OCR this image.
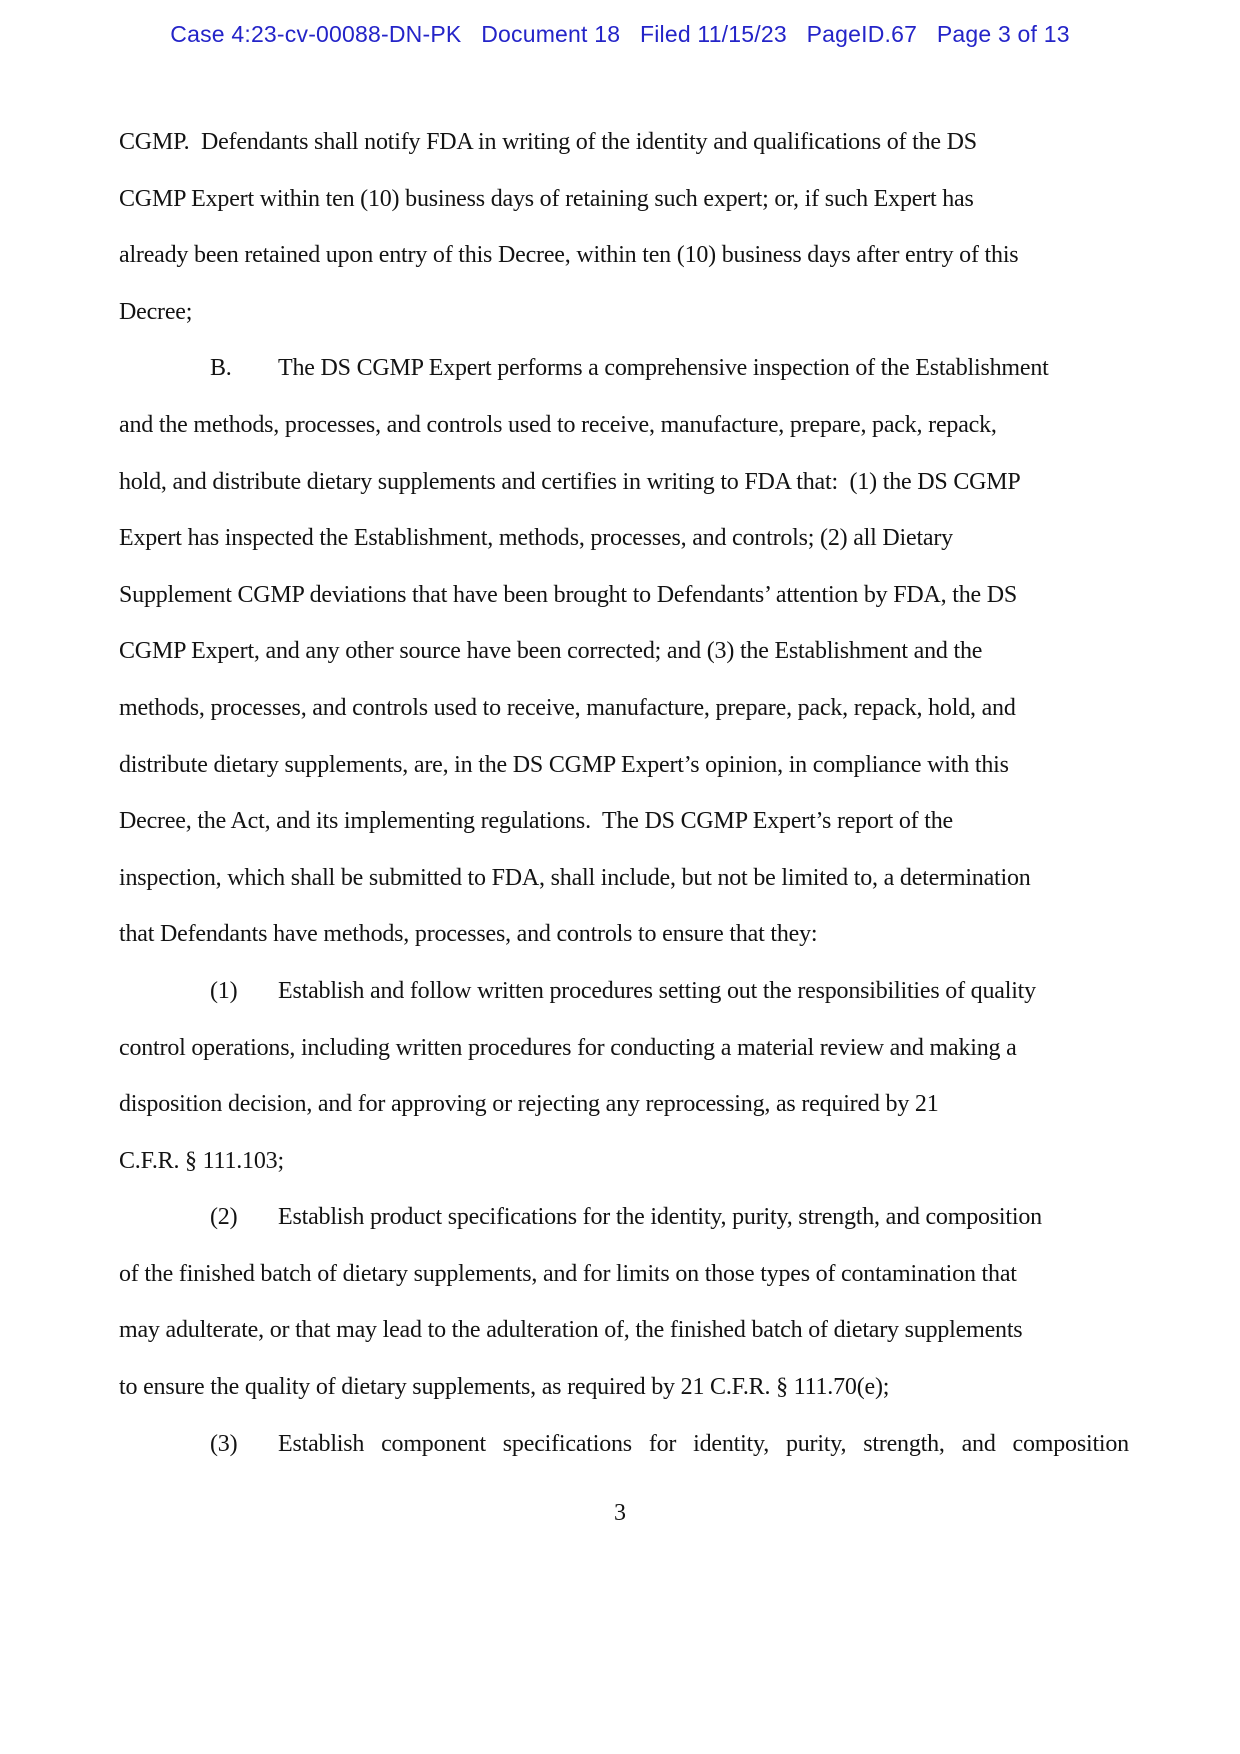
Case 4:23-cv-00088-DN-PK   Document 18   Filed 11/15/23   PageID.67   Page 3 of 13
CGMP.  Defendants shall notify FDA in writing of the identity and qualifications of the DS
CGMP Expert within ten (10) business days of retaining such expert; or, if such Expert has
already been retained upon entry of this Decree, within ten (10) business days after entry of this
Decree;
B. The DS CGMP Expert performs a comprehensive inspection of the Establishment
and the methods, processes, and controls used to receive, manufacture, prepare, pack, repack,
hold, and distribute dietary supplements and certifies in writing to FDA that:  (1) the DS CGMP
Expert has inspected the Establishment, methods, processes, and controls; (2) all Dietary
Supplement CGMP deviations that have been brought to Defendants’ attention by FDA, the DS
CGMP Expert, and any other source have been corrected; and (3) the Establishment and the
methods, processes, and controls used to receive, manufacture, prepare, pack, repack, hold, and
distribute dietary supplements, are, in the DS CGMP Expert’s opinion, in compliance with this
Decree, the Act, and its implementing regulations.  The DS CGMP Expert’s report of the
inspection, which shall be submitted to FDA, shall include, but not be limited to, a determination
that Defendants have methods, processes, and controls to ensure that they:
(1) Establish and follow written procedures setting out the responsibilities of quality
control operations, including written procedures for conducting a material review and making a
disposition decision, and for approving or rejecting any reprocessing, as required by 21
C.F.R. § 111.103;
(2) Establish product specifications for the identity, purity, strength, and composition
of the finished batch of dietary supplements, and for limits on those types of contamination that
may adulterate, or that may lead to the adulteration of, the finished batch of dietary supplements
to ensure the quality of dietary supplements, as required by 21 C.F.R. § 111.70(e);
(3)	Establish component specifications for identity, purity, strength, and composition
3
